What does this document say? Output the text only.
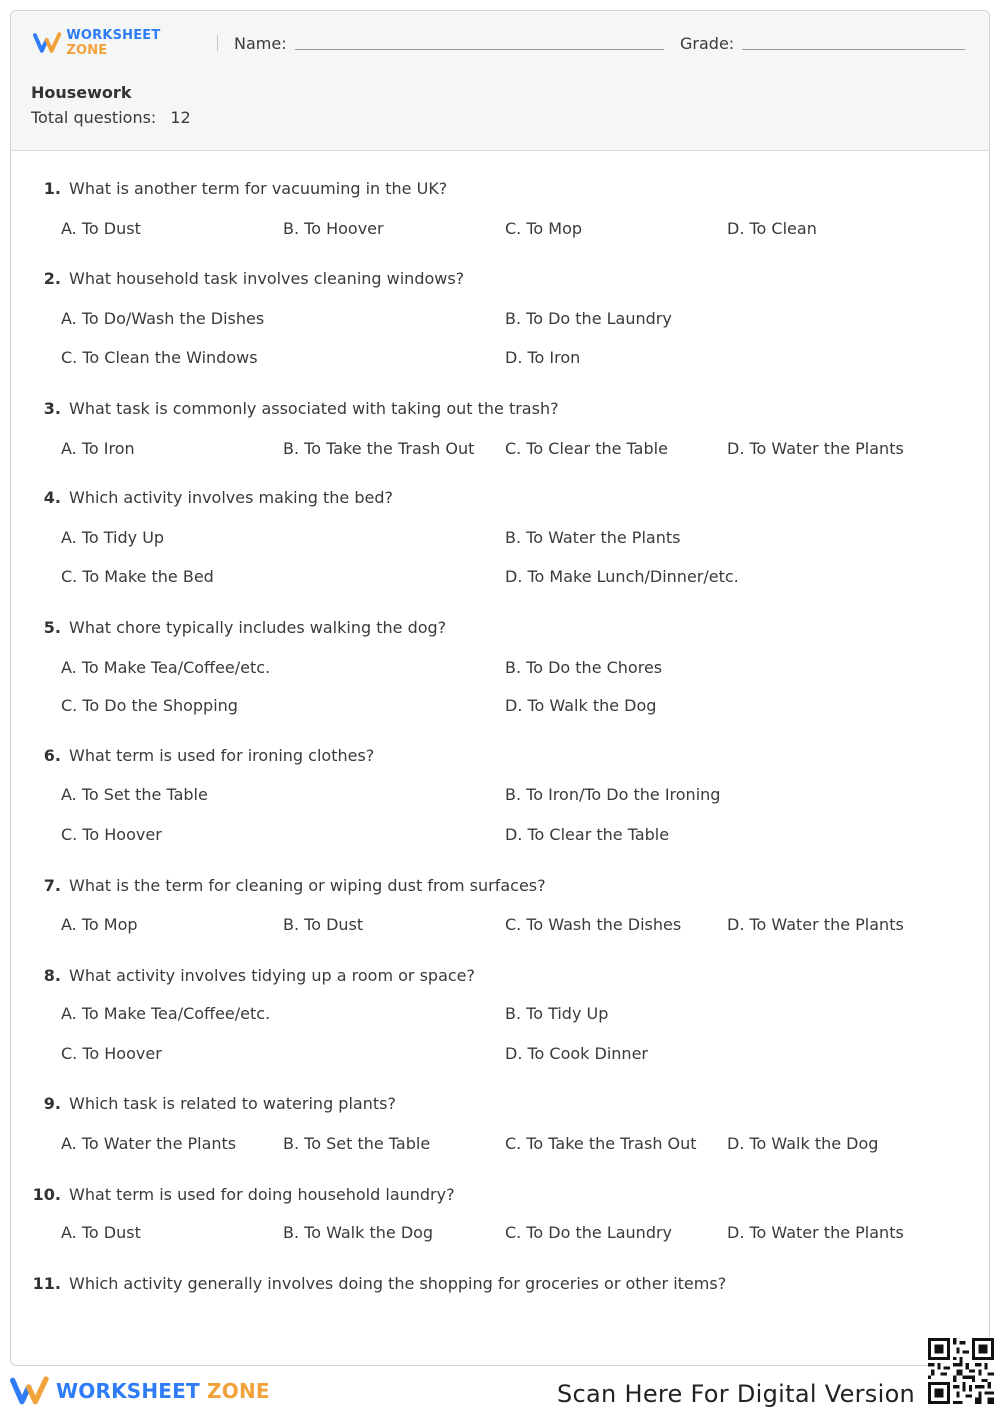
WORKSHEET ZONE	Name:	Grade:
Housework
Total questions: 12
1. What is another term for vacuuming in the UK?
A. To Dust	B. To Hoover	C. To Mop	D. To Clean
2. What household task involves cleaning windows?
A. To Do/Wash the Dishes	B. To Do the Laundry
C. To Clean the Windows	D. To Iron
3. What task is commonly associated with taking out the trash?
A. To Iron	B. To Take the Trash Out C. To Clear the Table	D. To Water the Plants
4. Which activity involves making the bed?
A. To Tidy Up	B. To Water the Plants
C. To Make the Bed	D. To Make Lunch/Dinner/etc.
5. What chore typically includes walking the dog?
A. To Make Tea/Coffee/etc.	B. To Do the Chores
C. To Do the Shopping	D. To Walk the Dog
6. What term is used for ironing clothes?
A. To Set the Table	B. To Iron/To Do the Ironing
C. To Hoover	D. To Clear the Table
7. What is the term for cleaning or wiping dust from surfaces?
A. To Mop	B. To Dust	C. To Wash the Dishes	D. To Water the Plants
8. What activity involves tidying up a room or space?
A. To Make Tea/Coffee/etc.	B. To Tidy Up
C. To Hoover	D. To Cook Dinner
9. Which task is related to watering plants?
A. To Water the Plants	B. To Set the Table	C. To Take the Trash Out D. To Walk the Dog
10. What term is used for doing household laundry?
A. To Dust	B. To Walk the Dog	C. To Do the Laundry	D. To Water the Plants
11. Which activity generally involves doing the shopping for groceries or other items?
WORKSHEET ZONE	Scan Here For Digital Version
